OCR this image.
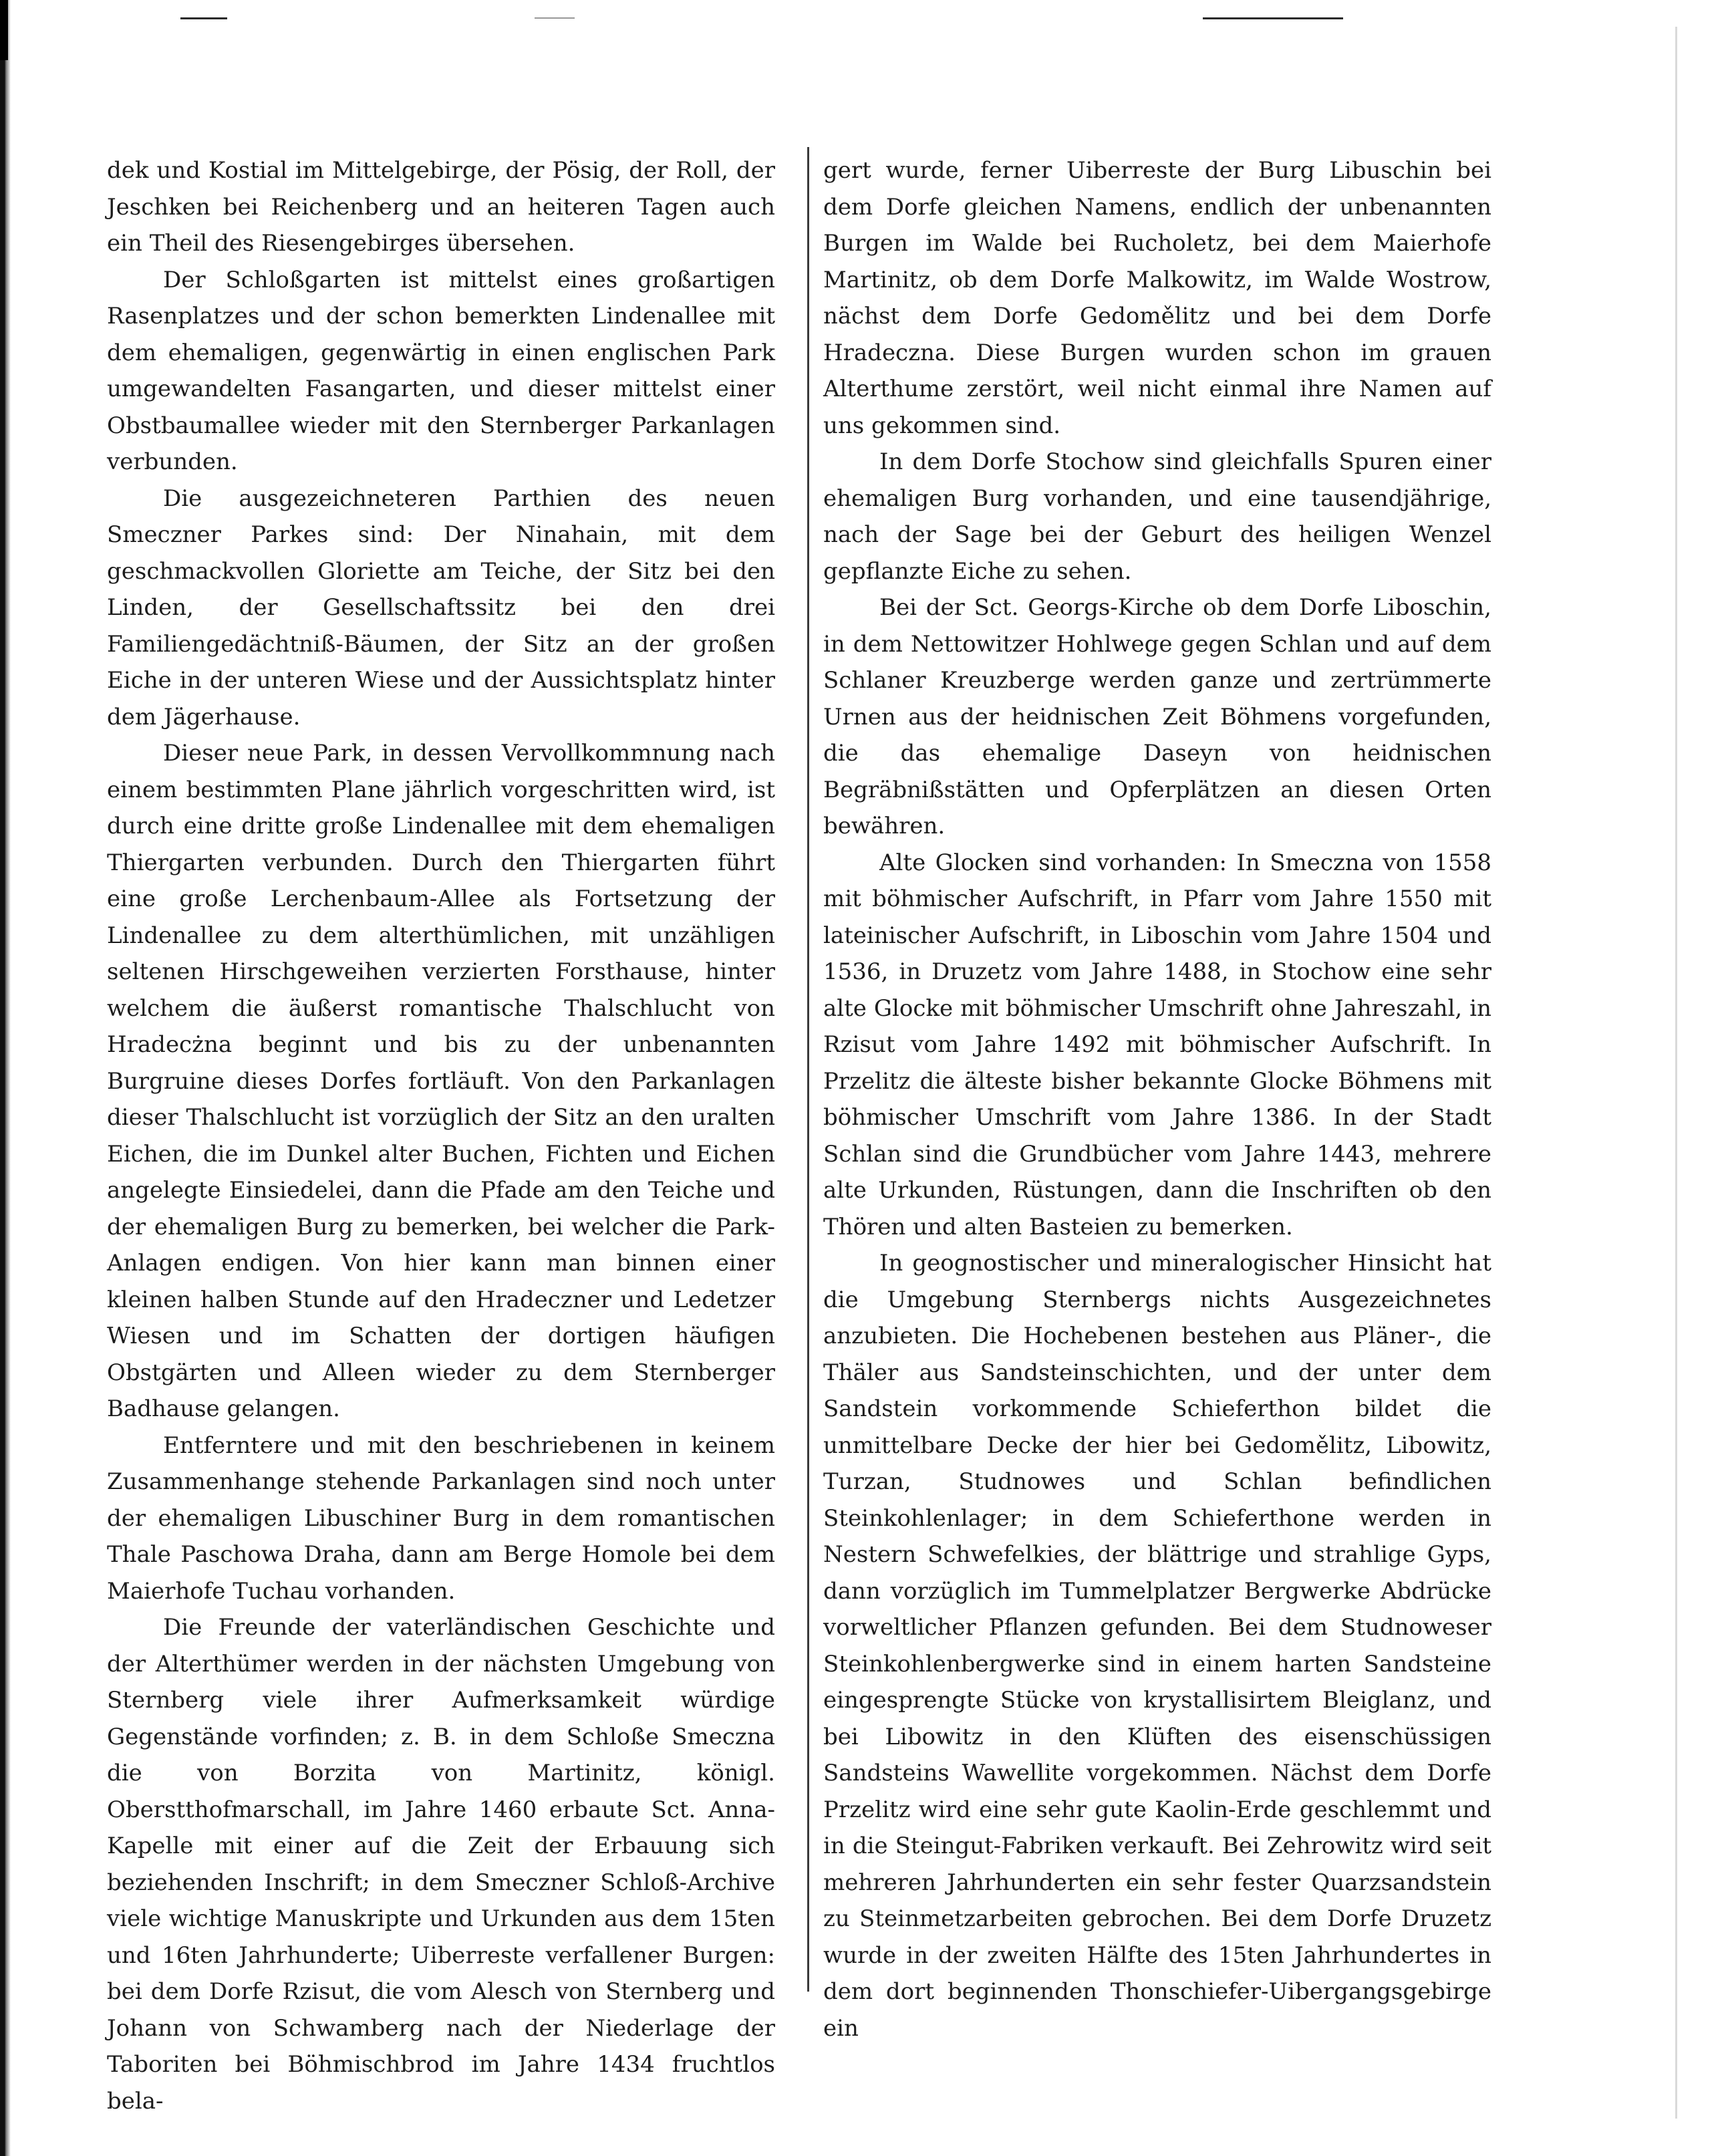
dek und Kostial im Mittelgebirge, der Pösig, der Roll, der Jeschken bei Reichenberg und an heiteren Tagen auch ein Theil des Riesengebirges übersehen.

Der Schloßgarten ist mittelst eines großartigen Rasenplatzes und der schon bemerkten Lindenallee mit dem ehemaligen, gegenwärtig in einen englischen Park umgewandelten Fasangarten, und dieser mittelst einer Obstbaumallee wieder mit den Sternberger Parkanlagen verbunden.

Die ausgezeichneteren Parthien des neuen Smeczner Parkes sind: Der Ninahain, mit dem geschmackvollen Gloriette am Teiche, der Sitz bei den Linden, der Gesellschaftssitz bei den drei Familiengedächtniß-Bäumen, der Sitz an der großen Eiche in der unteren Wiese und der Aussichtsplatz hinter dem Jägerhause.

Dieser neue Park, in dessen Vervollkommnung nach einem bestimmten Plane jährlich vorgeschritten wird, ist durch eine dritte große Lindenallee mit dem ehemaligen Thiergarten verbunden. Durch den Thiergarten führt eine große Lerchenbaum-Allee als Fortsetzung der Lindenallee zu dem alterthümlichen, mit unzähligen seltenen Hirschgeweihen verzierten Forsthause, hinter welchem die äußerst romantische Thalschlucht von Hradecżna beginnt und bis zu der unbenannten Burgruine dieses Dorfes fortläuft. Von den Parkanlagen dieser Thalschlucht ist vorzüglich der Sitz an den uralten Eichen, die im Dunkel alter Buchen, Fichten und Eichen angelegte Einsiedelei, dann die Pfade am den Teiche und der ehemaligen Burg zu bemerken, bei welcher die Park-Anlagen endigen. Von hier kann man binnen einer kleinen halben Stunde auf den Hradeczner und Ledetzer Wiesen und im Schatten der dortigen häufigen Obstgärten und Alleen wieder zu dem Sternberger Badhause gelangen.

Entferntere und mit den beschriebenen in keinem Zusammenhange stehende Parkanlagen sind noch unter der ehemaligen Libuschiner Burg in dem romantischen Thale Paschowa Draha, dann am Berge Homole bei dem Maierhofe Tuchau vorhanden.

Die Freunde der vaterländischen Geschichte und der Alterthümer werden in der nächsten Umgebung von Sternberg viele ihrer Aufmerksamkeit würdige Gegenstände vorfinden; z. B. in dem Schloße Smeczna die von Borzita von Martinitz, königl. Oberstthofmarschall, im Jahre 1460 erbaute Sct. Anna-Kapelle mit einer auf die Zeit der Erbauung sich beziehenden Inschrift; in dem Smeczner Schloß-Archive viele wichtige Manuskripte und Urkunden aus dem 15ten und 16ten Jahrhunderte; Uiberreste verfallener Burgen: bei dem Dorfe Rzisut, die vom Alesch von Sternberg und Johann von Schwamberg nach der Niederlage der Taboriten bei Böhmischbrod im Jahre 1434 fruchtlos bela-

gert wurde, ferner Uiberreste der Burg Libuschin bei dem Dorfe gleichen Namens, endlich der unbenannten Burgen im Walde bei Rucholetz, bei dem Maierhofe Martinitz, ob dem Dorfe Malkowitz, im Walde Wostrow, nächst dem Dorfe Gedomělitz und bei dem Dorfe Hradeczna. Diese Burgen wurden schon im grauen Alterthume zerstört, weil nicht einmal ihre Namen auf uns gekommen sind.

In dem Dorfe Stochow sind gleichfalls Spuren einer ehemaligen Burg vorhanden, und eine tausendjährige, nach der Sage bei der Geburt des heiligen Wenzel gepflanzte Eiche zu sehen.

Bei der Sct. Georgs-Kirche ob dem Dorfe Liboschin, in dem Nettowitzer Hohlwege gegen Schlan und auf dem Schlaner Kreuzberge werden ganze und zertrümmerte Urnen aus der heidnischen Zeit Böhmens vorgefunden, die das ehemalige Daseyn von heidnischen Begräbnißstätten und Opferplätzen an diesen Orten bewähren.

Alte Glocken sind vorhanden: In Smeczna von 1558 mit böhmischer Aufschrift, in Pfarr vom Jahre 1550 mit lateinischer Aufschrift, in Liboschin vom Jahre 1504 und 1536, in Druzetz vom Jahre 1488, in Stochow eine sehr alte Glocke mit böhmischer Umschrift ohne Jahreszahl, in Rzisut vom Jahre 1492 mit böhmischer Aufschrift. In Przelitz die älteste bisher bekannte Glocke Böhmens mit böhmischer Umschrift vom Jahre 1386. In der Stadt Schlan sind die Grundbücher vom Jahre 1443, mehrere alte Urkunden, Rüstungen, dann die Inschriften ob den Thören und alten Basteien zu bemerken.

In geognostischer und mineralogischer Hinsicht hat die Umgebung Sternbergs nichts Ausgezeichnetes anzubieten. Die Hochebenen bestehen aus Pläner-, die Thäler aus Sandsteinschichten, und der unter dem Sandstein vorkommende Schieferthon bildet die unmittelbare Decke der hier bei Gedomělitz, Libowitz, Turzan, Studnowes und Schlan befindlichen Steinkohlenlager; in dem Schieferthone werden in Nestern Schwefelkies, der blättrige und strahlige Gyps, dann vorzüglich im Tummelplatzer Bergwerke Abdrücke vorweltlicher Pflanzen gefunden. Bei dem Studnoweser Steinkohlenbergwerke sind in einem harten Sandsteine eingesprengte Stücke von krystallisirtem Bleiglanz, und bei Libowitz in den Klüften des eisenschüssigen Sandsteins Wawellite vorgekommen. Nächst dem Dorfe Przelitz wird eine sehr gute Kaolin-Erde geschlemmt und in die Steingut-Fabriken verkauft. Bei Zehrowitz wird seit mehreren Jahrhunderten ein sehr fester Quarzsandstein zu Steinmetzarbeiten gebrochen. Bei dem Dorfe Druzetz wurde in der zweiten Hälfte des 15ten Jahrhundertes in dem dort beginnenden Thonschiefer-Uibergangsgebirge ein
